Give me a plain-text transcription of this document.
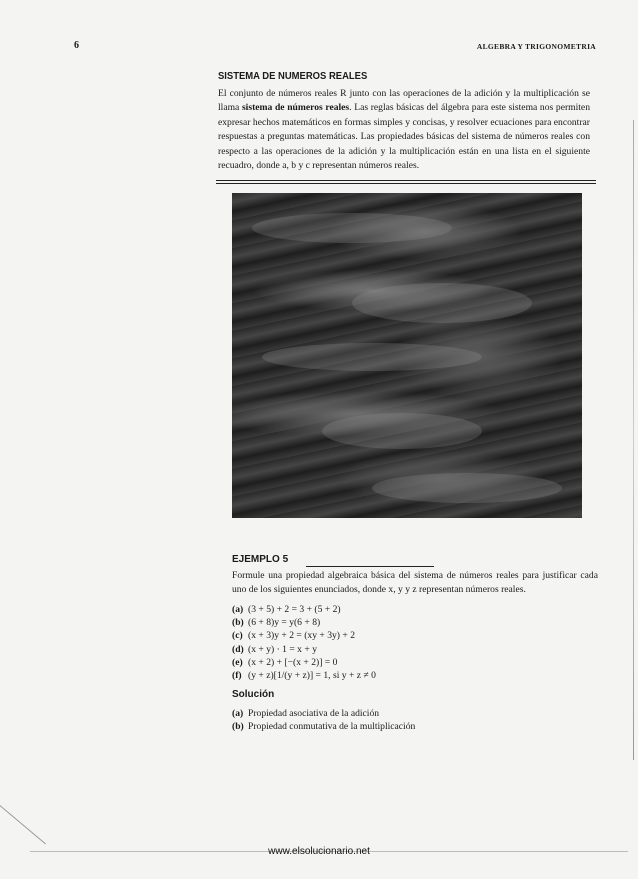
6	ALGEBRA Y TRIGONOMETRIA
SISTEMA DE NUMEROS REALES

El conjunto de números reales R junto con las operaciones de la adición y la multiplicación se llama sistema de números reales. Las reglas básicas del álgebra para este sistema nos permiten expresar hechos matemáticos en formas simples y concisas, y resolver ecuaciones para encontrar respuestas a preguntas matemáticas. Las propiedades básicas del sistema de números reales con respecto a las operaciones de la adición y la multiplicación están en una lista en el siguiente recuadro, donde a, b y c representan números reales.

EJEMPLO 5

Formule una propiedad algebraica básica del sistema de números reales para justificar cada uno de los siguientes enunciados, donde x, y y z representan números reales.

(a) (3 + 5) + 2 = 3 + (5 + 2)
(b) (6 + 8)y = y(6 + 8)
(c) (x + 3)y + 2 = (xy + 3y) + 2
(d) (x + y) · 1 = x + y
(e) (x + 2) + [−(x + 2)] = 0
(f) (y + z)[1/(y + z)] = 1, si y + z ≠ 0
Solución
(a) Propiedad asociativa de la adición
(b) Propiedad conmutativa de la multiplicación
www.elsolucionario.net
